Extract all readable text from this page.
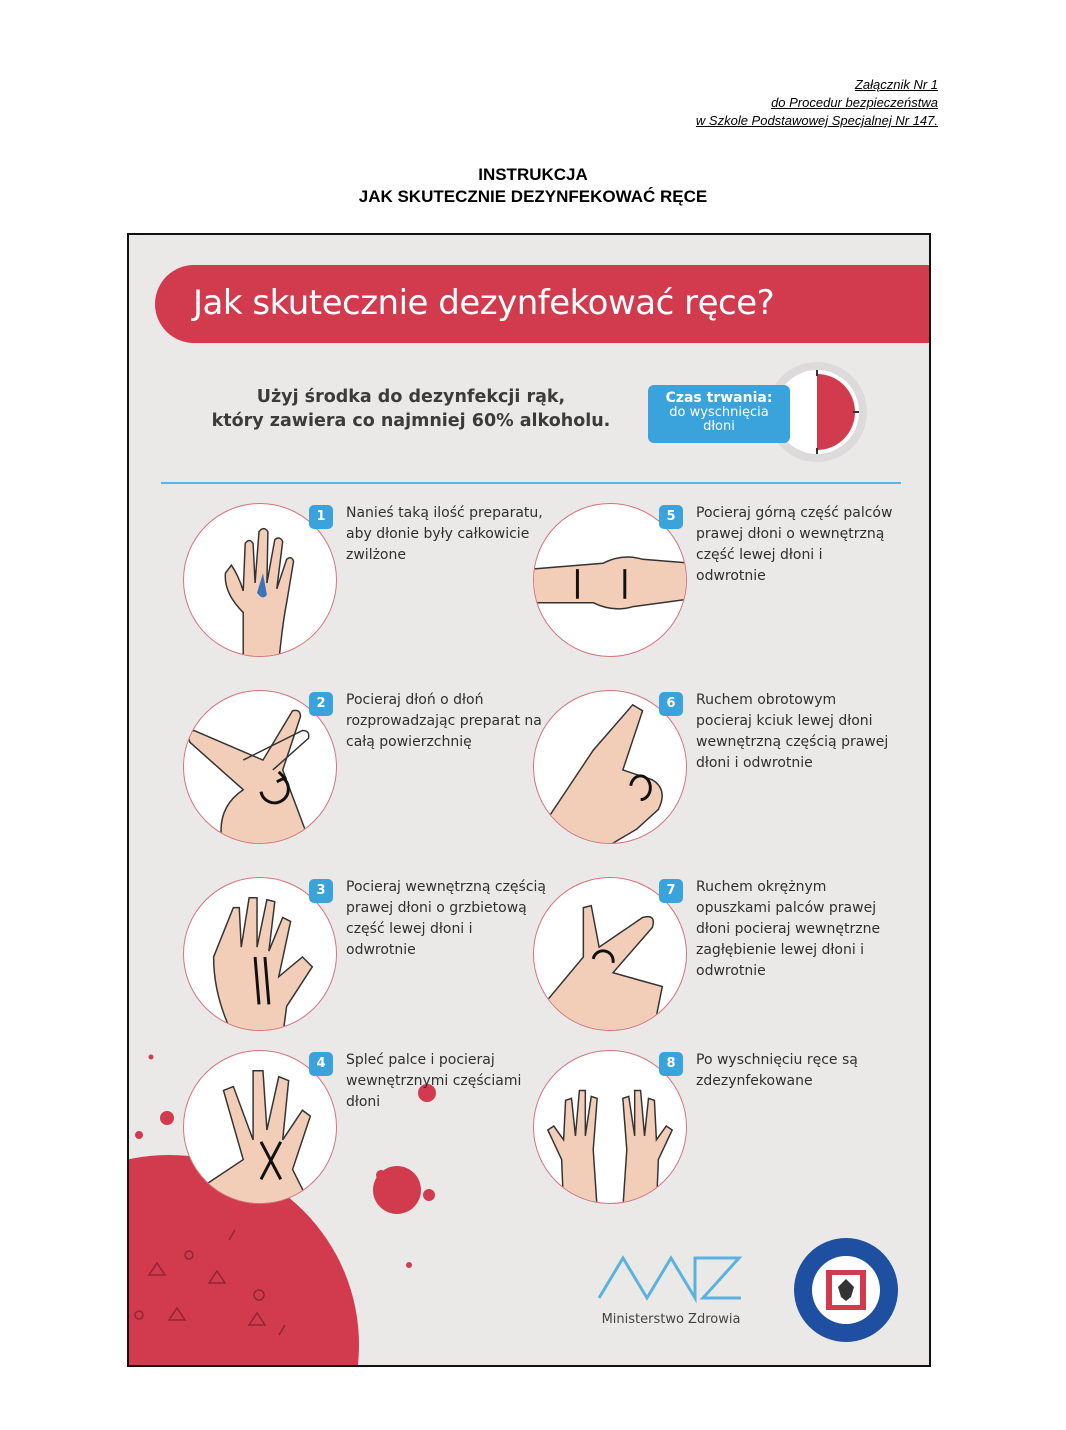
Załącznik Nr 1
do Procedur bezpieczeństwa
w Szkole Podstawowej Specjalnej Nr 147.
INSTRUKCJA
JAK SKUTECZNIE DEZYNFEKOWAĆ RĘCE
Jak skutecznie dezynfekować ręce?
Użyj środka do dezynfekcji rąk,
który zawiera co najmniej 60% alkoholu.
Czas trwania:
do wyschnięcia
dłoni
1	Nanieś taką ilość preparatu, aby dłonie były całkowicie zwilżone
2	Pocieraj dłoń o dłoń rozprowadzając preparat na całą powierzchnię
3	Pocieraj wewnętrzną częścią prawej dłoni o grzbietową część lewej dłoni i odwrotnie
4	Spleć palce i pocieraj wewnętrznymi częściami dłoni
5	Pocieraj górną część palców prawej dłoni o wewnętrzną część lewej dłoni i odwrotnie
6	Ruchem obrotowym pocieraj kciuk lewej dłoni wewnętrzną częścią prawej dłoni i odwrotnie
7	Ruchem okrężnym opuszkami palców prawej dłoni pocieraj wewnętrzne zagłębienie lewej dłoni i odwrotnie
8	Po wyschnięciu ręce są zdezynfekowane
Ministerstwo Zdrowia
